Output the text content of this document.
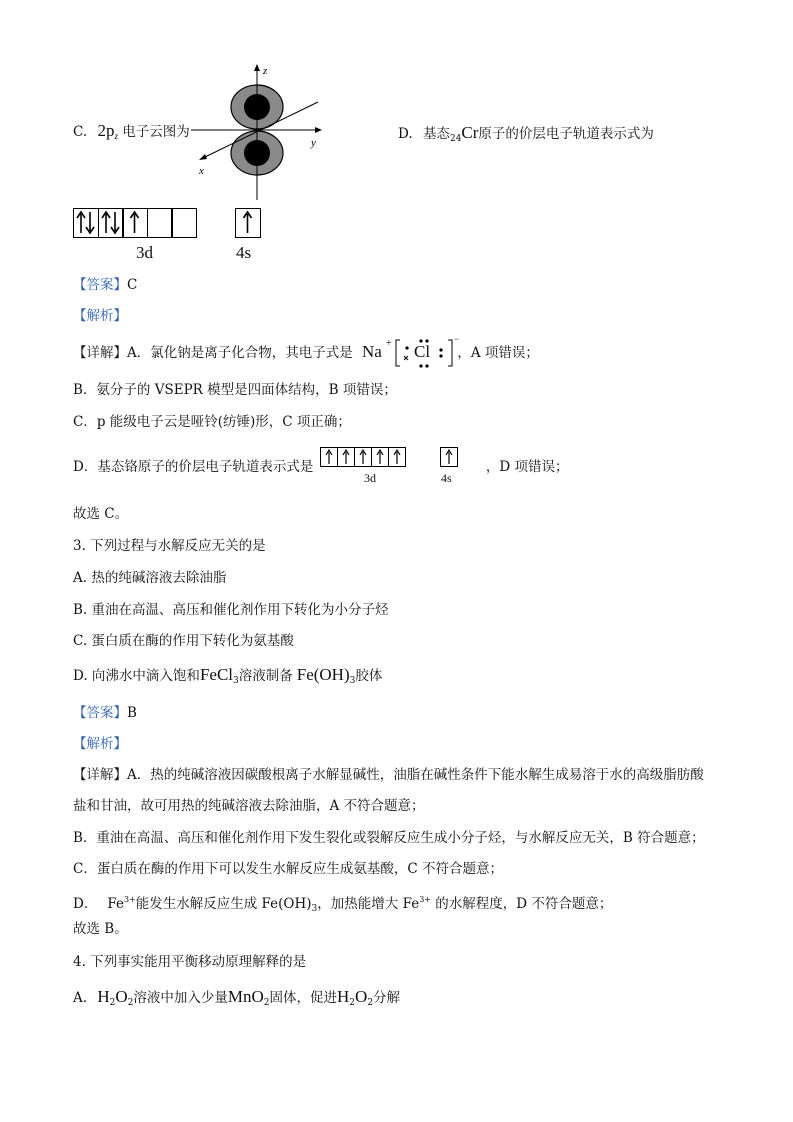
C. $2p_z$ 电子云图为
z
y
x
D. 基态$_{24}$Cr原子的价层电子轨道表示式为
3d	4s
【答案】C
【解析】
【详解】A．氯化钠是离子化合物，其电子式是	，A 项错误；
Na + Cl
−
B．氨分子的 VSEPR 模型是四面体结构，B 项错误；
C．p 能级电子云是哑铃(纺锤)形，C 项正确；
D．基态铬原子的价层电子轨道表示式是	，D 项错误；
3d	4s
故选 C。
3. 下列过程与水解反应无关的是
A. 热的纯碱溶液去除油脂
B. 重油在高温、高压和催化剂作用下转化为小分子烃
C. 蛋白质在酶的作用下转化为氨基酸
D. 向沸水中滴入饱和FeCl$_3$溶液制备 $Fe(OH)_3$胶体
【答案】B
【解析】
【详解】A．热的纯碱溶液因碳酸根离子水解显碱性，油脂在碱性条件下能水解生成易溶于水的高级脂肪酸
盐和甘油，故可用热的纯碱溶液去除油脂，A 不符合题意；
B．重油在高温、高压和催化剂作用下发生裂化或裂解反应生成小分子烃，与水解反应无关，B 符合题意；
C．蛋白质在酶的作用下可以发生水解反应生成氨基酸，C 不符合题意；
D． $Fe^{3+}$能发生水解反应生成 $Fe(OH)_3$，加热能增大 $Fe^{3+}$ 的水解程度，D 不符合题意；
故选 B。
4. 下列事实能用平衡移动原理解释的是
A. $H_2O_2$溶液中加入少量MnO$_2$固体，促进$H_2O_2$分解
